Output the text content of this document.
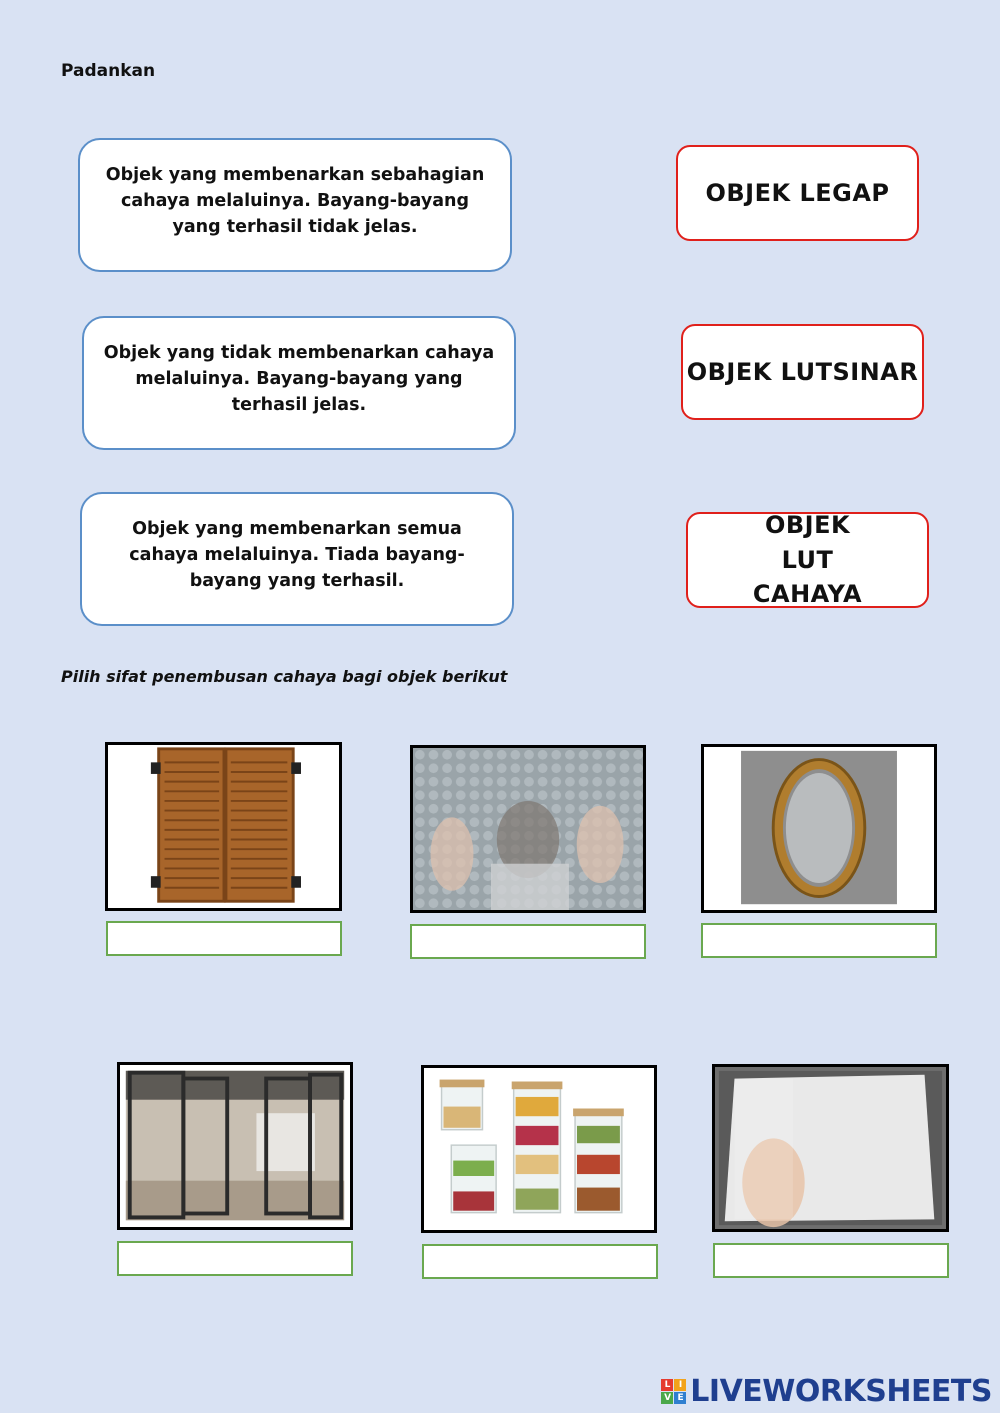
Padankan
Objek yang membenarkan sebahagian cahaya melaluinya. Bayang-bayang yang terhasil tidak jelas.
Objek yang tidak membenarkan cahaya melaluinya. Bayang-bayang yang terhasil jelas.
Objek yang membenarkan semua cahaya melaluinya. Tiada bayang-bayang yang terhasil.
OBJEK LEGAP
OBJEK LUTSINAR
OBJEK LUT CAHAYA
Pilih sifat penembusan cahaya bagi objek berikut
L I
V E LIVEWORKSHEETS
